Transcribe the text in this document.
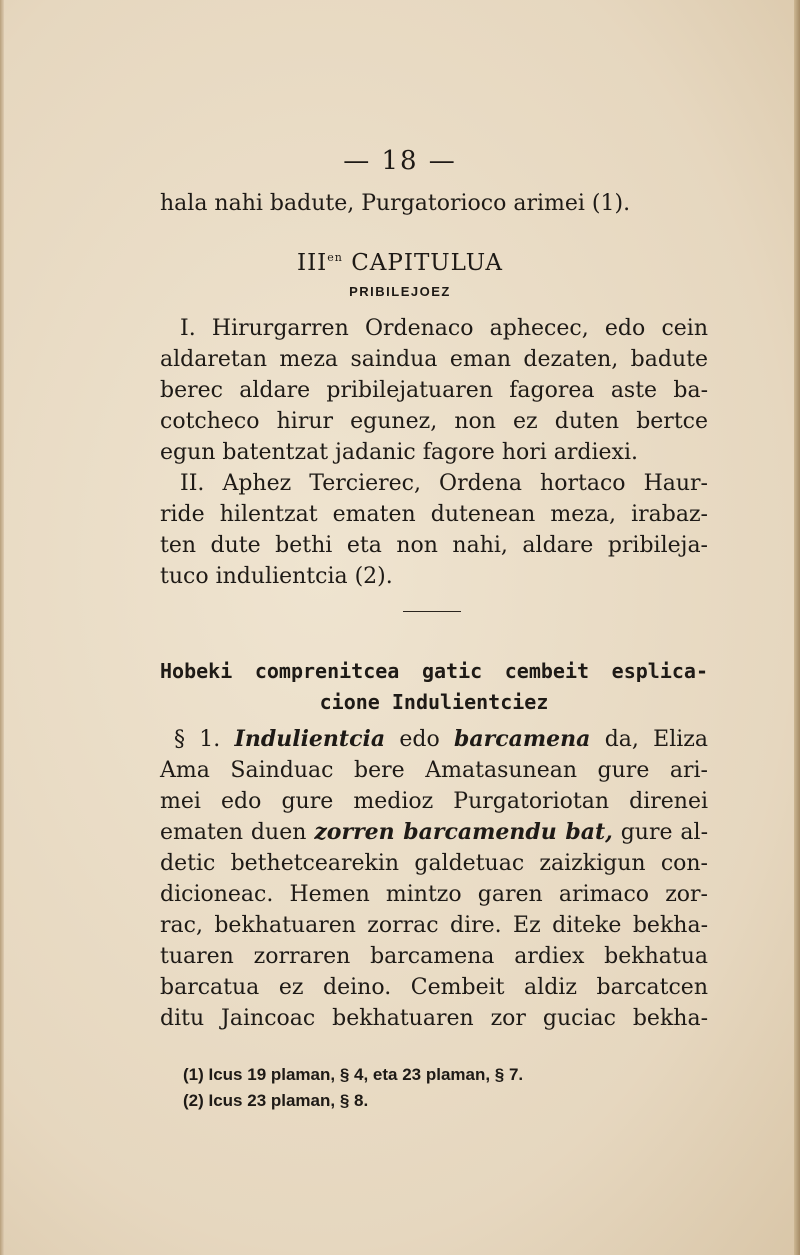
— 18 —
hala nahi badute, Purgatorioco arimei (1).
$III^{en}$ CAPITULUA
PRIBILEJOEZ
I. Hirurgarren Ordenaco aphecec, edo cein
aldaretan meza saindua eman dezaten, badute
berec aldare pribilejatuaren fagorea aste ba-
cotcheco hirur egunez, non ez duten bertce
egun batentzat jadanic fagore hori ardiexi.
II. Aphez Tercierec, Ordena hortaco Haur-
ride hilentzat ematen dutenean meza, irabaz-
ten dute bethi eta non nahi, aldare pribileja-
tuco indulientcia (2).
Hobeki comprenitcea gatic cembeit esplica-
cione Indulientciez
§ 1. Indulientcia edo barcamena da, Eliza
Ama Sainduac bere Amatasunean gure ari-
mei edo gure medioz Purgatoriotan direnei
ematen duen zorren barcamendu bat, gure al-
detic bethetcearekin galdetuac zaizkigun con-
dicioneac. Hemen mintzo garen arimaco zor-
rac, bekhatuaren zorrac dire. Ez diteke bekha-
tuaren zorraren barcamena ardiex bekhatua
barcatua ez deino. Cembeit aldiz barcatcen
ditu Jaincoac bekhatuaren zor guciac bekha-
(1) Icus 19 plaman, § 4, eta 23 plaman, § 7.
(2) Icus 23 plaman, § 8.
